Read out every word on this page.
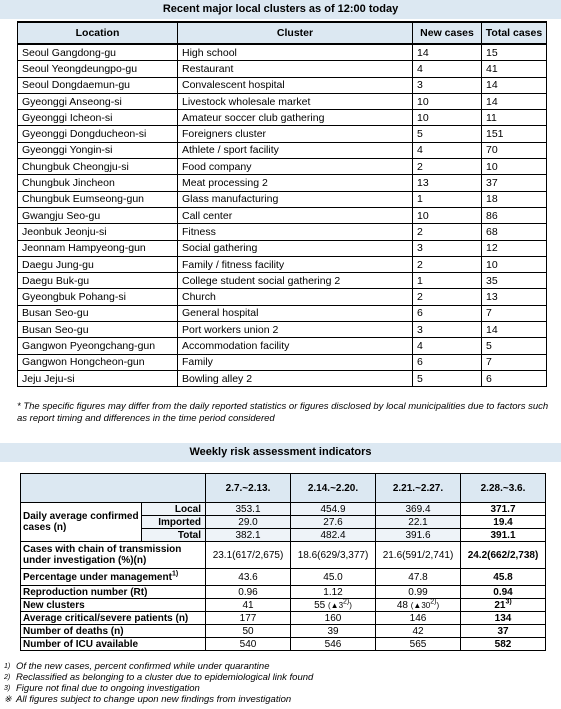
Recent major local clusters as of 12:00 today
Location	Cluster	New cases	Total cases
Seoul Gangdong-gu	High school	14	15
Seoul Yeongdeungpo-gu	Restaurant	4	41
Seoul Dongdaemun-gu	Convalescent hospital	3	14
Gyeonggi Anseong-si	Livestock wholesale market	10	14
Gyeonggi Icheon-si	Amateur soccer club gathering	10	11
Gyeonggi Dongducheon-si	Foreigners cluster	5	151
Gyeonggi Yongin-si	Athlete / sport facility	4	70
Chungbuk Cheongju-si	Food company	2	10
Chungbuk Jincheon	Meat processing 2	13	37
Chungbuk Eumseong-gun	Glass manufacturing	1	18
Gwangju Seo-gu	Call center	10	86
Jeonbuk Jeonju-si	Fitness	2	68
Jeonnam Hampyeong-gun	Social gathering	3	12
Daegu Jung-gu	Family / fitness facility	2	10
Daegu Buk-gu	College student social gathering 2	1	35
Gyeongbuk Pohang-si	Church	2	13
Busan Seo-gu	General hospital	6	7
Busan Seo-gu	Port workers union 2	3	14
Gangwon Pyeongchang-gun	Accommodation facility	4	5
Gangwon Hongcheon-gun	Family	6	7
Jeju Jeju-si	Bowling alley 2	5	6
* The specific figures may differ from the daily reported statistics or figures disclosed by local municipalities due to factors such as report timing and differences in the time period considered
Weekly risk assessment indicators
		2.7.~2.13.	2.14.~2.20.	2.21.~2.27.	2.28.~3.6.
Daily average confirmed cases (n)	Local	353.1	454.9	369.4	371.7
	Imported	29.0	27.6	22.1	19.4
	Total	382.1	482.4	391.6	391.1
Cases with chain of transmission under investigation (%)(n)		23.1(617/2,675)	18.6(629/3,377)	21.6(591/2,741)	24.2(662/2,738)
Percentage under management$^{1)}$		43.6	45.0	47.8	45.8
Reproduction number (Rt)		0.96	1.12	0.99	0.94
New clusters		41	55 (▲3$^{2)}$)	48 (▲30$^{2)}$)	21$^{3)}$
Average critical/severe patients (n)		177	160	146	134
Number of deaths (n)		50	39	42	37
Number of ICU available		540	546	565	582
1) Of the new cases, percent confirmed while under quarantine
2) Reclassified as belonging to a cluster due to epidemiological link found
3) Figure not final due to ongoing investigation
※ All figures subject to change upon new findings from investigation
